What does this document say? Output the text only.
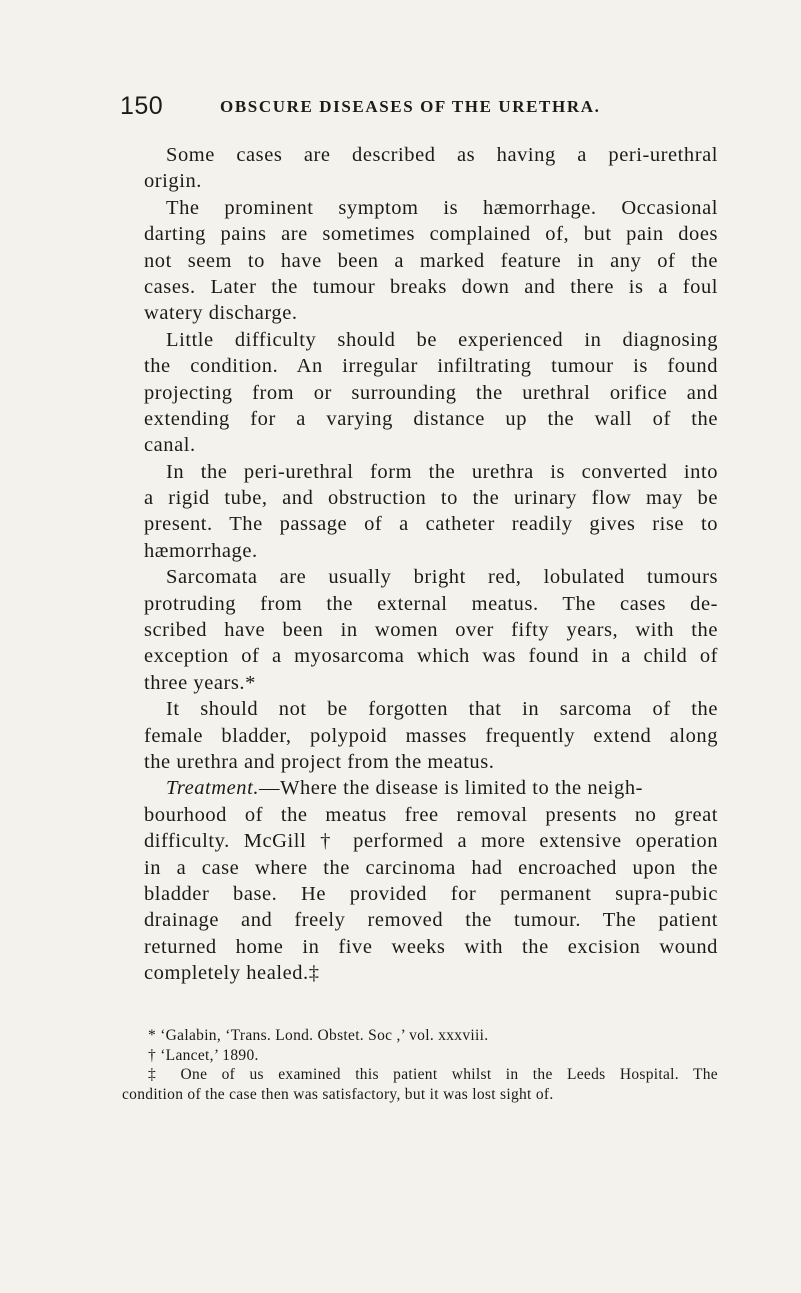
150	OBSCURE DISEASES OF THE URETHRA.
Some cases are described as having a peri-urethral
origin.
The prominent symptom is hæmorrhage. Occasional
darting pains are sometimes complained of, but pain does
not seem to have been a marked feature in any of the
cases. Later the tumour breaks down and there is a foul
watery discharge.
Little difficulty should be experienced in diagnosing
the condition. An irregular infiltrating tumour is found
projecting from or surrounding the urethral orifice and
extending for a varying distance up the wall of the
canal.
In the peri-urethral form the urethra is converted into
a rigid tube, and obstruction to the urinary flow may be
present. The passage of a catheter readily gives rise to
hæmorrhage.
Sarcomata are usually bright red, lobulated tumours
protruding from the external meatus. The cases de-
scribed have been in women over fifty years, with the
exception of a myosarcoma which was found in a child of
three years.*
It should not be forgotten that in sarcoma of the
female bladder, polypoid masses frequently extend along
the urethra and project from the meatus.
Treatment.—Where the disease is limited to the neigh-
bourhood of the meatus free removal presents no great
difficulty. McGill † performed a more extensive operation
in a case where the carcinoma had encroached upon the
bladder base. He provided for permanent supra-pubic
drainage and freely removed the tumour. The patient
returned home in five weeks with the excision wound
completely healed.‡
* ‘Galabin, ‘Trans. Lond. Obstet. Soc ,’ vol. xxxviii.
† ‘Lancet,’ 1890.
‡ One of us examined this patient whilst in the Leeds Hospital. The
condition of the case then was satisfactory, but it was lost sight of.
